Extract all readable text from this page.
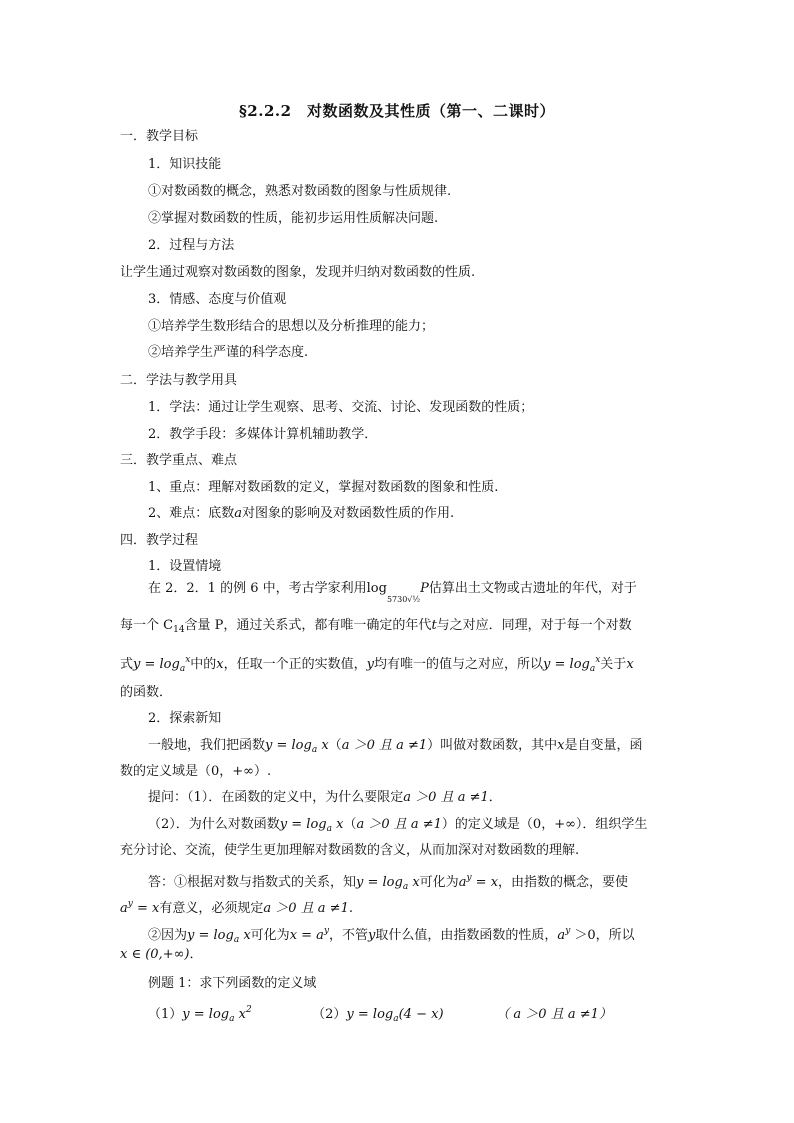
§2.2.2　对数函数及其性质（第一、二课时）
一．教学目标
1．知识技能
①对数函数的概念，熟悉对数函数的图象与性质规律.
②掌握对数函数的性质，能初步运用性质解决问题.
2．过程与方法
让学生通过观察对数函数的图象，发现并归纳对数函数的性质.
3．情感、态度与价值观
①培养学生数形结合的思想以及分析推理的能力；
②培养学生严谨的科学态度.
二．学法与教学用具
1．学法：通过让学生观察、思考、交流、讨论、发现函数的性质；
2．教学手段：多媒体计算机辅助教学．
三．教学重点、难点
1、重点：理解对数函数的定义，掌握对数函数的图象和性质.
2、难点：底数a对图象的影响及对数函数性质的作用.
四．教学过程
1．设置情境
在 2．2．1 的例 6 中，考古学家利用$\log_{5730√\frac{1}{2}}P$估算出土文物或古遗址的年代，对于
每一个 $C_{14}$含量 P，通过关系式，都有唯一确定的年代t与之对应．同理，对于每一个对数
式$y = \log_a^x$中的x，任取一个正的实数值，y均有唯一的值与之对应，所以$y = \log_a^x$关于x
的函数．
2．探索新知
一般地，我们把函数$y = \log_a x(a >0$ 且 a ≠1）叫做对数函数，其中x是自变量，函
数的定义域是（0，+∞）.
提问：（1）．在函数的定义中，为什么要限定a ＞0 且 a ≠1．
（2）．为什么对数函数$y = \log_a x(a >0$ 且 a ≠1）的定义域是（0，+∞）．组织学生
充分讨论、交流，使学生更加理解对数函数的含义，从而加深对对数函数的理解.
答：①根据对数与指数式的关系，知$y = \log_a x$可化为$a^y = x$，由指数的概念，要使
$a^y = x$有意义，必须规定a ＞0 且 a ≠1.
②因为$y = \log_a x$可化为$x = a^y$，不管y取什么值，由指数函数的性质，$a^y >0$，所以
x ∈ (0,+∞)．
例题 1：求下列函数的定义域
$(1)y = \log_a x^2$	$(2)y = \log_a(4 - x)$	（ a ＞0 且 a ≠1）
